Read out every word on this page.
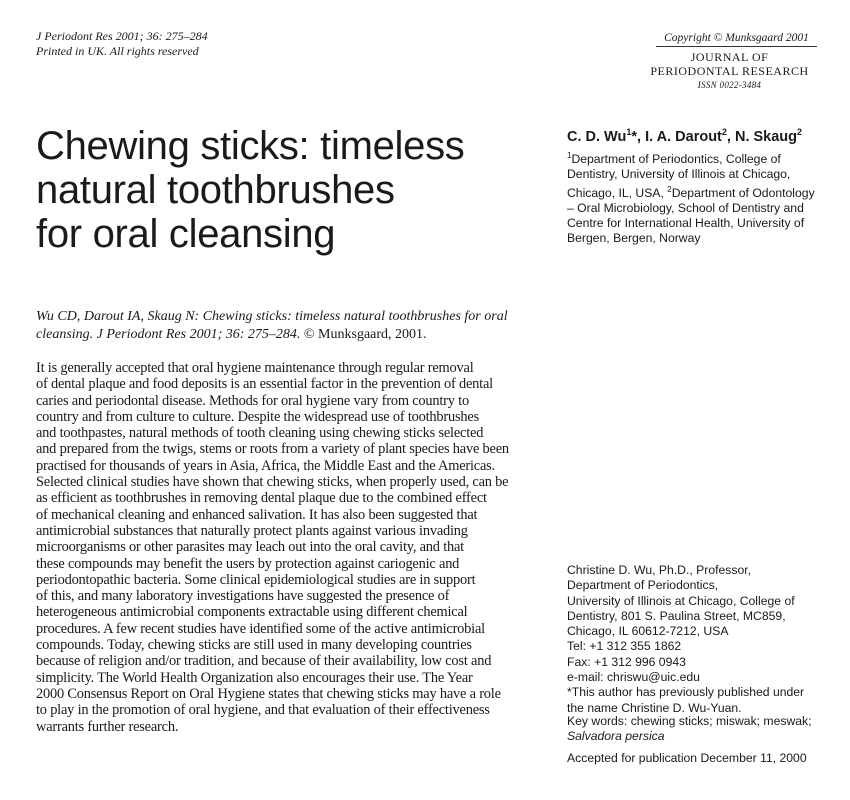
J Periodont Res 2001; 36: 275–284
Printed in UK. All rights reserved
Copyright © Munksgaard 2001
JOURNAL OF
PERIODONTAL RESEARCH
ISSN 0022-3484
Chewing sticks: timeless
natural toothbrushes
for oral cleansing
C. D. Wu$^1$*, I. A. Darout$^2$, N. Skaug$^2$
$^1$Department of Periodontics, College of Dentistry, University of Illinois at Chicago, Chicago, IL, USA, $^2$Department of Odontology – Oral Microbiology, School of Dentistry and Centre for International Health, University of Bergen, Bergen, Norway
Wu CD, Darout IA, Skaug N: Chewing sticks: timeless natural toothbrushes for oral cleansing. J Periodont Res 2001; 36: 275–284. © Munksgaard, 2001.
It is generally accepted that oral hygiene maintenance through regular removal
of dental plaque and food deposits is an essential factor in the prevention of dental
caries and periodontal disease. Methods for oral hygiene vary from country to
country and from culture to culture. Despite the widespread use of toothbrushes
and toothpastes, natural methods of tooth cleaning using chewing sticks selected
and prepared from the twigs, stems or roots from a variety of plant species have been
practised for thousands of years in Asia, Africa, the Middle East and the Americas.
Selected clinical studies have shown that chewing sticks, when properly used, can be
as efficient as toothbrushes in removing dental plaque due to the combined effect
of mechanical cleaning and enhanced salivation. It has also been suggested that
antimicrobial substances that naturally protect plants against various invading
microorganisms or other parasites may leach out into the oral cavity, and that
these compounds may benefit the users by protection against cariogenic and
periodontopathic bacteria. Some clinical epidemiological studies are in support
of this, and many laboratory investigations have suggested the presence of
heterogeneous antimicrobial components extractable using different chemical
procedures. A few recent studies have identified some of the active antimicrobial
compounds. Today, chewing sticks are still used in many developing countries
because of religion and/or tradition, and because of their availability, low cost and
simplicity. The World Health Organization also encourages their use. The Year
2000 Consensus Report on Oral Hygiene states that chewing sticks may have a role
to play in the promotion of oral hygiene, and that evaluation of their effectiveness
warrants further research.
Christine D. Wu, Ph.D., Professor,
Department of Periodontics,
University of Illinois at Chicago, College of
Dentistry, 801 S. Paulina Street, MC859,
Chicago, IL 60612-7212, USA
Tel: +1 312 355 1862
Fax: +1 312 996 0943
e-mail: chriswu@uic.edu
*This author has previously published under
the name Christine D. Wu-Yuan.
Key words: chewing sticks; miswak; meswak;
Salvadora persica
Accepted for publication December 11, 2000
